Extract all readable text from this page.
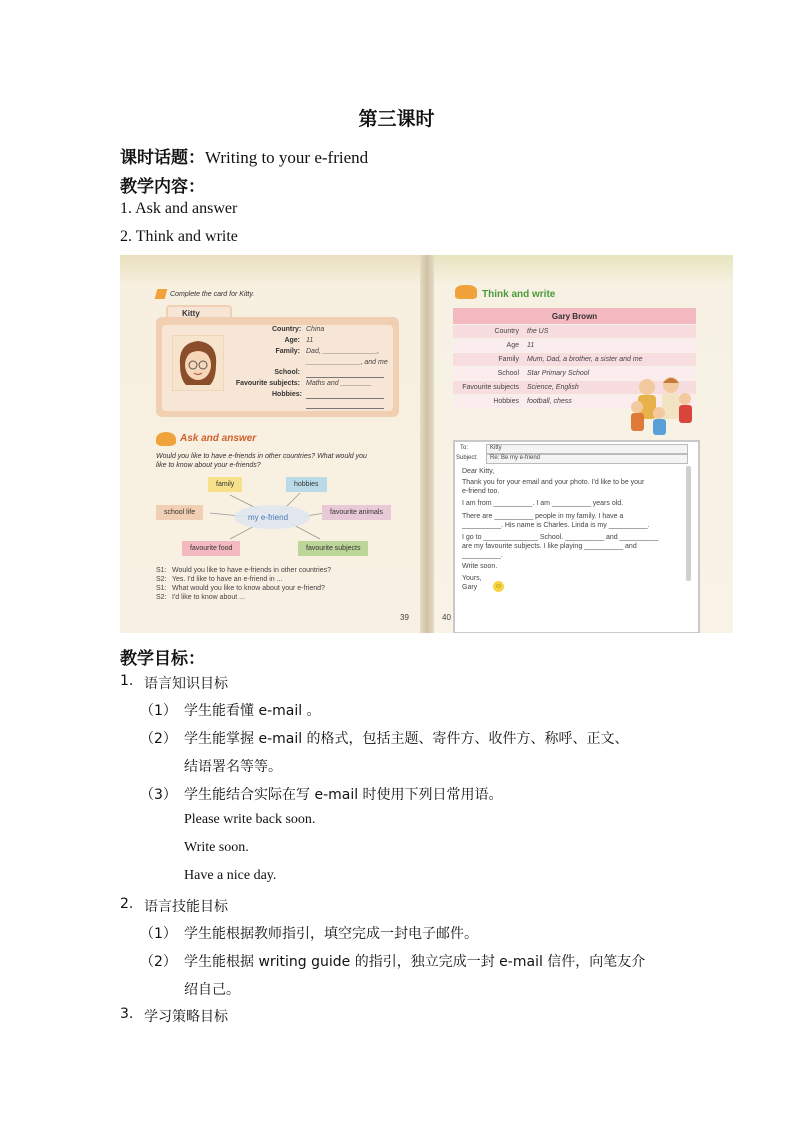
第三课时
课时话题：Writing to your e-friend
教学内容：
1. Ask and answer
2. Think and write
Complete the card for Kitty.
Kitty
Country: China
Age: 11
Family: Dad, ______________,
______________, and me
School:
Favourite subjects: Maths and ________
Hobbies:
Ask and answer
Would you like to have e-friends in other countries? What would you
like to know about your e-friends?
my e-friend
family	hobbies
school life	favourite animals
favourite food	favourite subjects
S1: Would you like to have e-friends in other countries?
S2: Yes. I'd like to have an e-friend in ...
S1: What would you like to know about your e-friend?
S2: I'd like to know about ...
39
Think and write
Gary Brown
Country the US
Age 11
Family Mum, Dad, a brother, a sister and me
School Star Primary School
Favourite subjects Science, English
Hobbies football, chess
To:	Kitty
Subject: Re: Be my e-friend
Dear Kitty,
Thank you for your email and your photo. I'd like to be your
e-friend too.
I am from __________. I am __________ years old.
There are __________ people in my family. I have a
__________. His name is Charles. Linda is my __________.
I go to ______________ School. __________ and __________
are my favourite subjects. I like playing __________ and
__________.
Write soon.
Yours,
Gary	☺
40
教学目标：
1. 语言知识目标
（1） 学生能看懂 e-mail 。
（2） 学生能掌握 e-mail 的格式，包括主题、寄件方、收件方、称呼、正文、
结语署名等等。
（3） 学生能结合实际在写 e-mail 时使用下列日常用语。
Please write back soon.
Write soon.
Have a nice day.
2. 语言技能目标
（1） 学生能根据教师指引，填空完成一封电子邮件。
（2） 学生能根据 writing guide 的指引，独立完成一封 e-mail 信件，向笔友介
绍自己。
3. 学习策略目标
